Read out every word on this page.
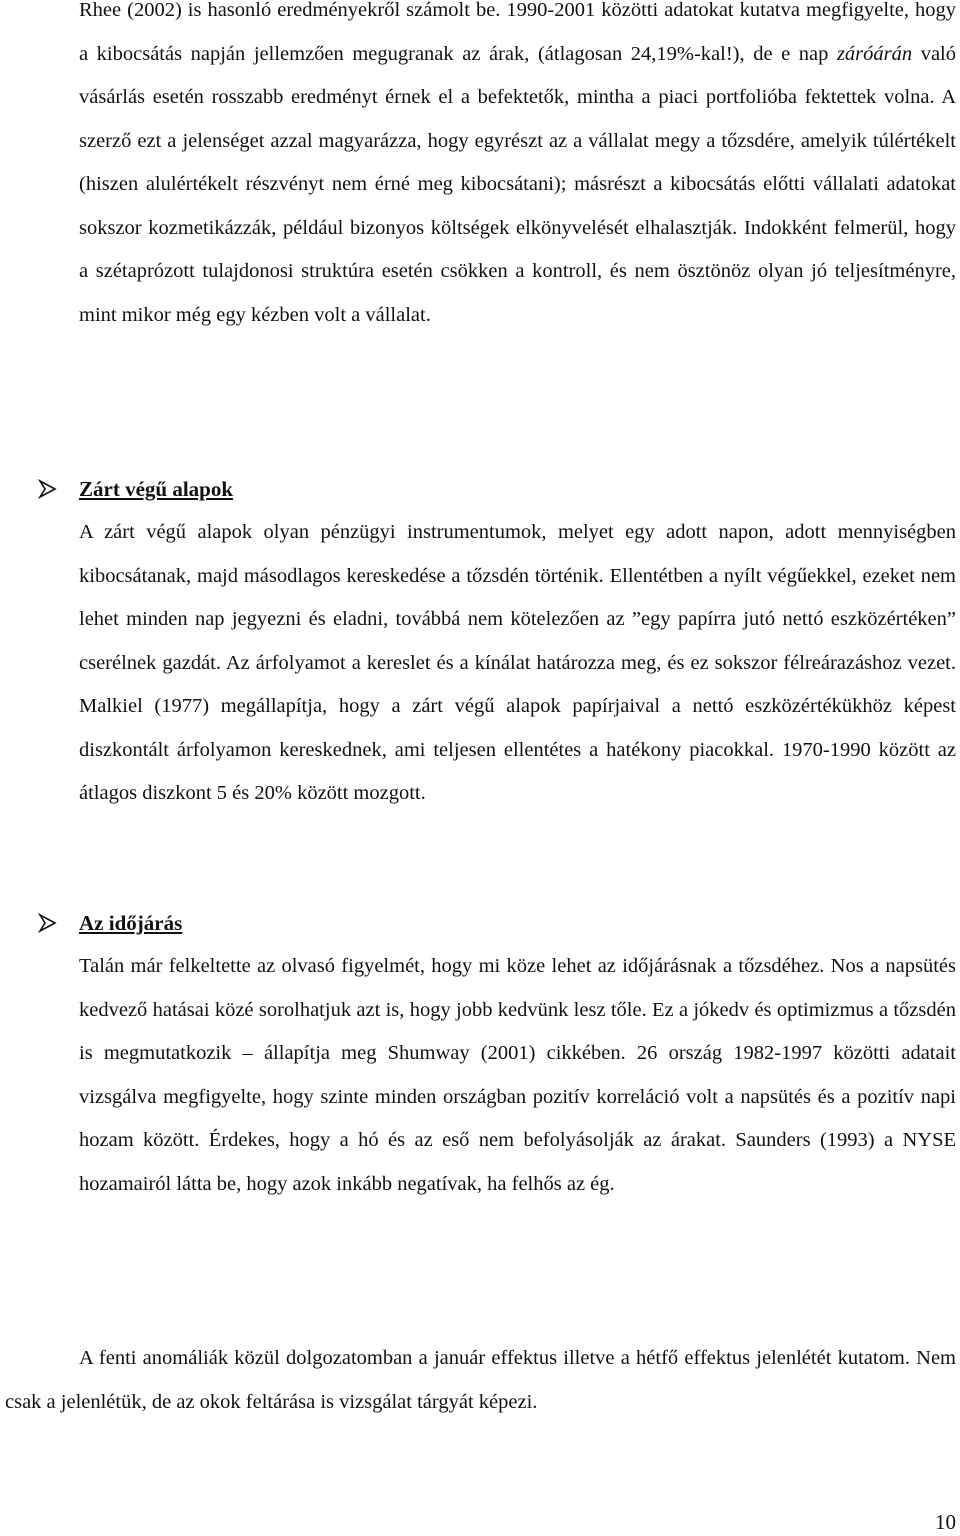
Rhee (2002) is hasonló eredményekről számolt be. 1990-2001 közötti adatokat kutatva megfigyelte, hogy a kibocsátás napján jellemzően megugranak az árak, (átlagosan 24,19%-kal!), de e nap záróárán való vásárlás esetén rosszabb eredményt érnek el a befektetők, mintha a piaci portfolióba fektettek volna. A szerző ezt a jelenséget azzal magyarázza, hogy egyrészt az a vállalat megy a tőzsdére, amelyik túlértékelt (hiszen alulértékelt részvényt nem érné meg kibocsátani); másrészt a kibocsátás előtti vállalati adatokat sokszor kozmetikázzák, például bizonyos költségek elkönyvelését elhalasztják. Indokként felmerül, hogy a szétaprózott tulajdonosi struktúra esetén csökken a kontroll, és nem ösztönöz olyan jó teljesítményre, mint mikor még egy kézben volt a vállalat.

Zárt végű alapok

A zárt végű alapok olyan pénzügyi instrumentumok, melyet egy adott napon, adott mennyiségben kibocsátanak, majd másodlagos kereskedése a tőzsdén történik. Ellentétben a nyílt végűekkel, ezeket nem lehet minden nap jegyezni és eladni, továbbá nem kötelezően az ”egy papírra jutó nettó eszközértéken” cserélnek gazdát. Az árfolyamot a kereslet és a kínálat határozza meg, és ez sokszor félreárazáshoz vezet. Malkiel (1977) megállapítja, hogy a zárt végű alapok papírjaival a nettó eszközértékükhöz képest diszkontált árfolyamon kereskednek, ami teljesen ellentétes a hatékony piacokkal. 1970-1990 között az átlagos diszkont 5 és 20% között mozgott.

Az időjárás

Talán már felkeltette az olvasó figyelmét, hogy mi köze lehet az időjárásnak a tőzsdéhez. Nos a napsütés kedvező hatásai közé sorolhatjuk azt is, hogy jobb kedvünk lesz tőle. Ez a jókedv és optimizmus a tőzsdén is megmutatkozik – állapítja meg Shumway (2001) cikkében. 26 ország 1982-1997 közötti adatait vizsgálva megfigyelte, hogy szinte minden országban pozitív korreláció volt a napsütés és a pozitív napi hozam között. Érdekes, hogy a hó és az eső nem befolyásolják az árakat. Saunders (1993) a NYSE hozamairól látta be, hogy azok inkább negatívak, ha felhős az ég.

A fenti anomáliák közül dolgozatomban a január effektus illetve a hétfő effektus jelenlétét kutatom. Nem csak a jelenlétük, de az okok feltárása is vizsgálat tárgyát képezi.

10
